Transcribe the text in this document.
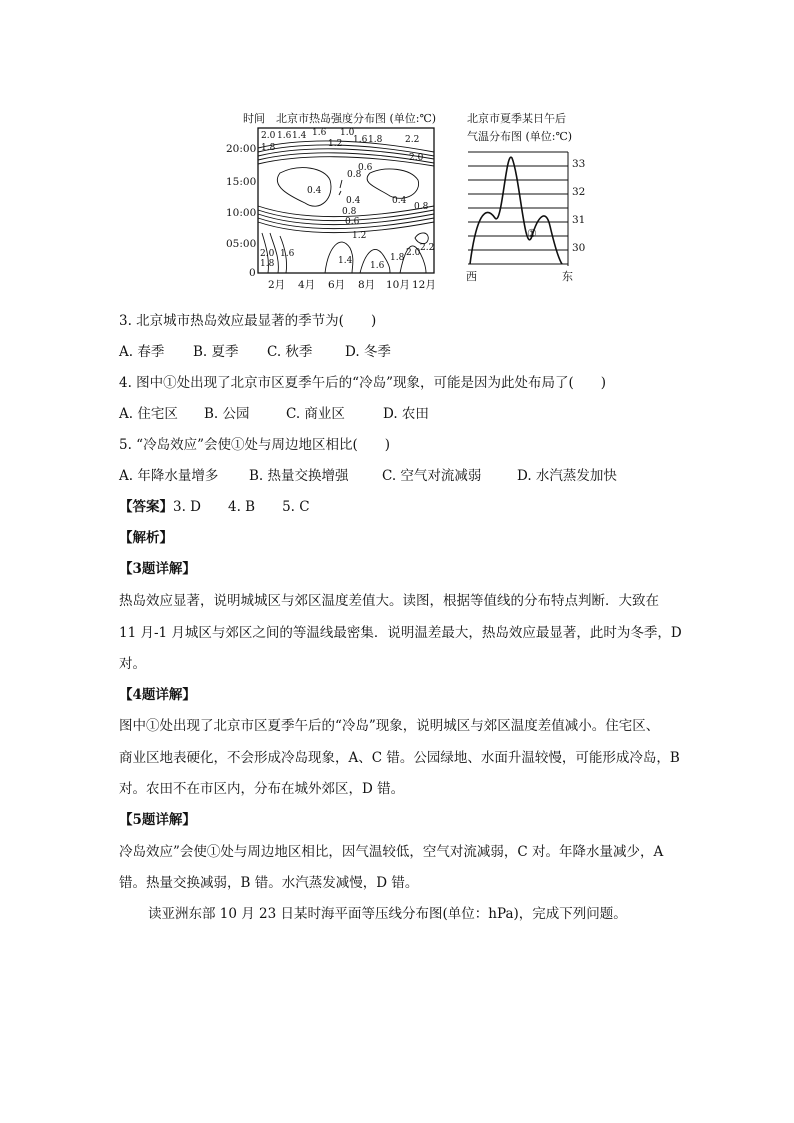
时间 北京市热岛强度分布图 (单位:℃)
20:00
15:00
10:00
05:00
0
2月 4月 6月 8月 10月 12月
2.0
1.8
1.6 1.4 1.6 1.0
1.2 1.6 1.8	2.2
2.0
0.6
0.8
0.4
0.4	0.4
0.6
0.8	0.8
1.2
2.0
1.8
1.6
1.4 1.6
1.8 2.0 2.2
北京市夏季某日午后
气温分布图 (单位:℃)
①
33
32
31
30
西	东
3. 北京城市热岛效应最显著的季节为(　　)
A. 春季 B. 夏季 C. 秋季 D. 冬季
4. 图中①处出现了北京市区夏季午后的“冷岛”现象，可能是因为此处布局了(　　)
A. 住宅区 B. 公园	C. 商业区	D. 农田
5. “冷岛效应”会使①处与周边地区相比(　　)
A. 年降水量增多 B. 热量交换增强 C. 空气对流减弱	D. 水汽蒸发加快
【答案】3. D　　4. B　　5. C
【解析】
【3题详解】
热岛效应显著，说明城城区与郊区温度差值大。读图，根据等值线的分布特点判断．大致在
11 月-1 月城区与郊区之间的等温线最密集．说明温差最大，热岛效应最显著，此时为冬季，D
对。
【4题详解】
图中①处出现了北京市区夏季午后的“冷岛”现象，说明城区与郊区温度差值减小。住宅区、
商业区地表硬化，不会形成冷岛现象，A、C 错。公园绿地、水面升温较慢，可能形成冷岛，B
对。农田不在市区内，分布在城外郊区，D 错。
【5题详解】
冷岛效应”会使①处与周边地区相比，因气温较低，空气对流减弱，C 对。年降水量减少，A
错。热量交换减弱，B 错。水汽蒸发减慢，D 错。
读亚洲东部 10 月 23 日某时海平面等压线分布图(单位：hPa)，完成下列问题。
